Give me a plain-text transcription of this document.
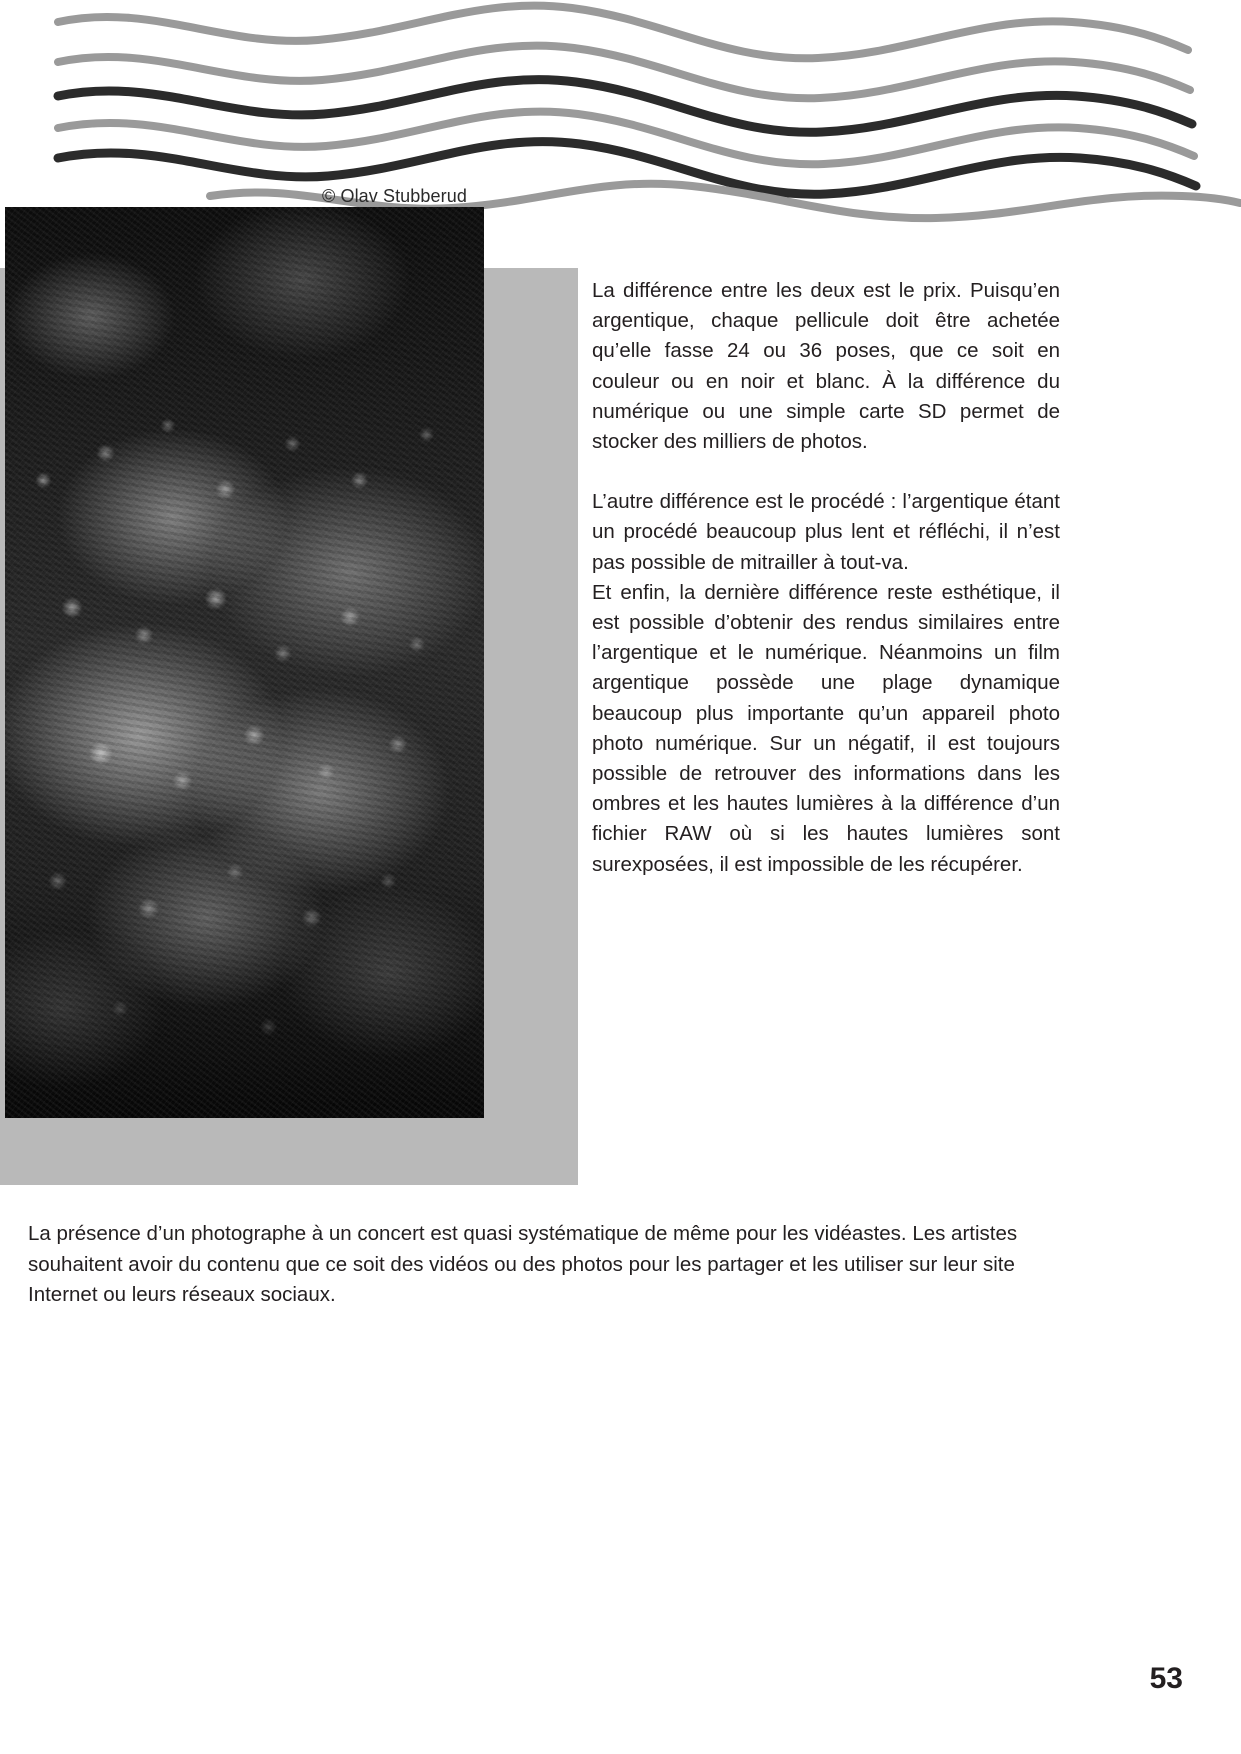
© Olav Stubberud

La différence entre les deux est le prix. Puisqu’en argentique, chaque pellicule doit être achetée qu’elle fasse 24 ou 36 poses, que ce soit en couleur ou en noir et blanc. À la différence du numérique ou une simple carte SD permet de stocker des milliers de photos.

L’autre différence est le procédé : l’argentique étant un procédé beaucoup plus lent et réfléchi, il n’est pas possible de mitrailler à tout-va.

Et enfin, la dernière différence reste esthétique, il est possible d’obtenir des rendus similaires entre l’argentique et le numérique. Néanmoins un film argentique possède une plage dynamique beaucoup plus importante qu’un appareil photo photo numérique. Sur un négatif, il est toujours possible de retrouver des informations dans les ombres et les hautes lumières à la différence d’un fichier RAW où si les hautes lumières sont surexposées, il est impossible de les récupérer.

La présence d’un photographe à un concert est quasi systématique de même pour les vidéastes. Les artistes souhaitent avoir du contenu que ce soit des vidéos ou des photos pour les partager et les utiliser sur leur site Internet ou leurs réseaux sociaux.

53
